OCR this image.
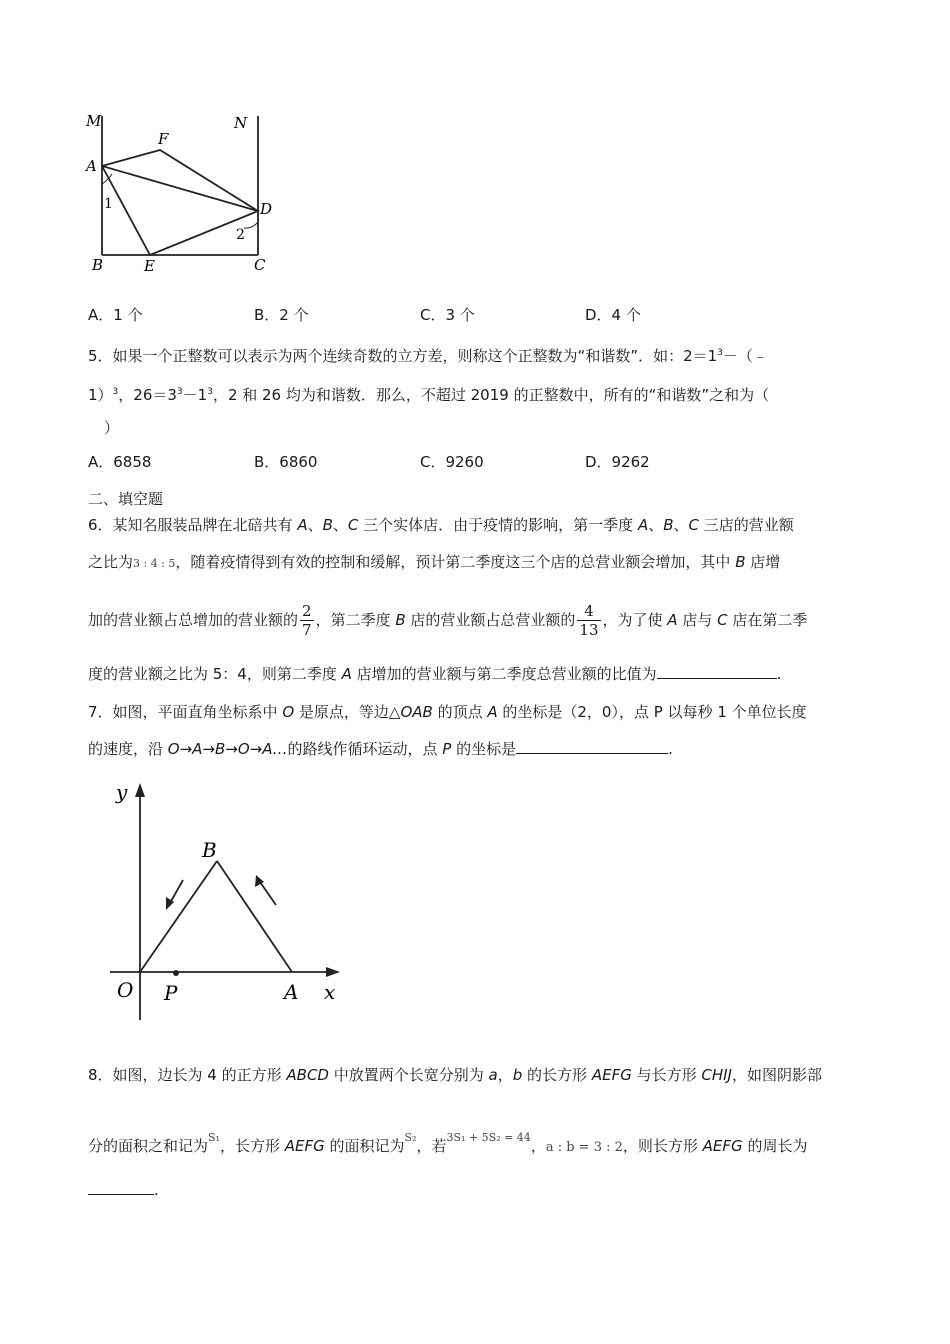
M	N
F
A
D
1
2
B	E	C
A．1 个	B．2 个	C．3 个	D．4 个
5．如果一个正整数可以表示为两个连续奇数的立方差，则称这个正整数为“和谐数”．如：$2=1^3-(﹣$
1）$^3$，$26=3^3-1^3$，2 和 26 均为和谐数．那么，不超过 2019 的正整数中，所有的“和谐数”之和为（
）
A．6858	B．6860	C．9260	D．9262
二、填空题
6．某知名服装品牌在北碚共有 A、B、C 三个实体店．由于疫情的影响，第一季度 A、B、C 三店的营业额
之比为3 : 4 : 5，随着疫情得到有效的控制和缓解，预计第二季度这三个店的总营业额会增加，其中 B 店增
加的营业额占总增加的营业额的 $\frac{2}{7}$ ，第二季度 B 店的营业额占总营业额的 $\frac{4}{13}$ ，为了使 A 店与 C 店在第二季
度的营业额之比为 5：4，则第二季度 A 店增加的营业额与第二季度总营业额的比值为	.
7．如图，平面直角坐标系中 O 是原点，等边△OAB 的顶点 A 的坐标是（2，0），点 P 以每秒 1 个单位长度
的速度，沿 O→A→B→O→A…的路线作循环运动，点 P 的坐标是	.
y
B
O P	A x
8．如图，边长为 4 的正方形 ABCD 中放置两个长宽分别为 a，b 的长方形 AEFG 与长方形 CHIJ，如图阴影部
分的面积之和记为$^{S_1}$，长方形 AEFG 的面积记为$^{S_2}$，若$^{3S_1 + 5S_2 = 44}$，a : b = 3 : 2，则长方形 AEFG 的周长为
.
